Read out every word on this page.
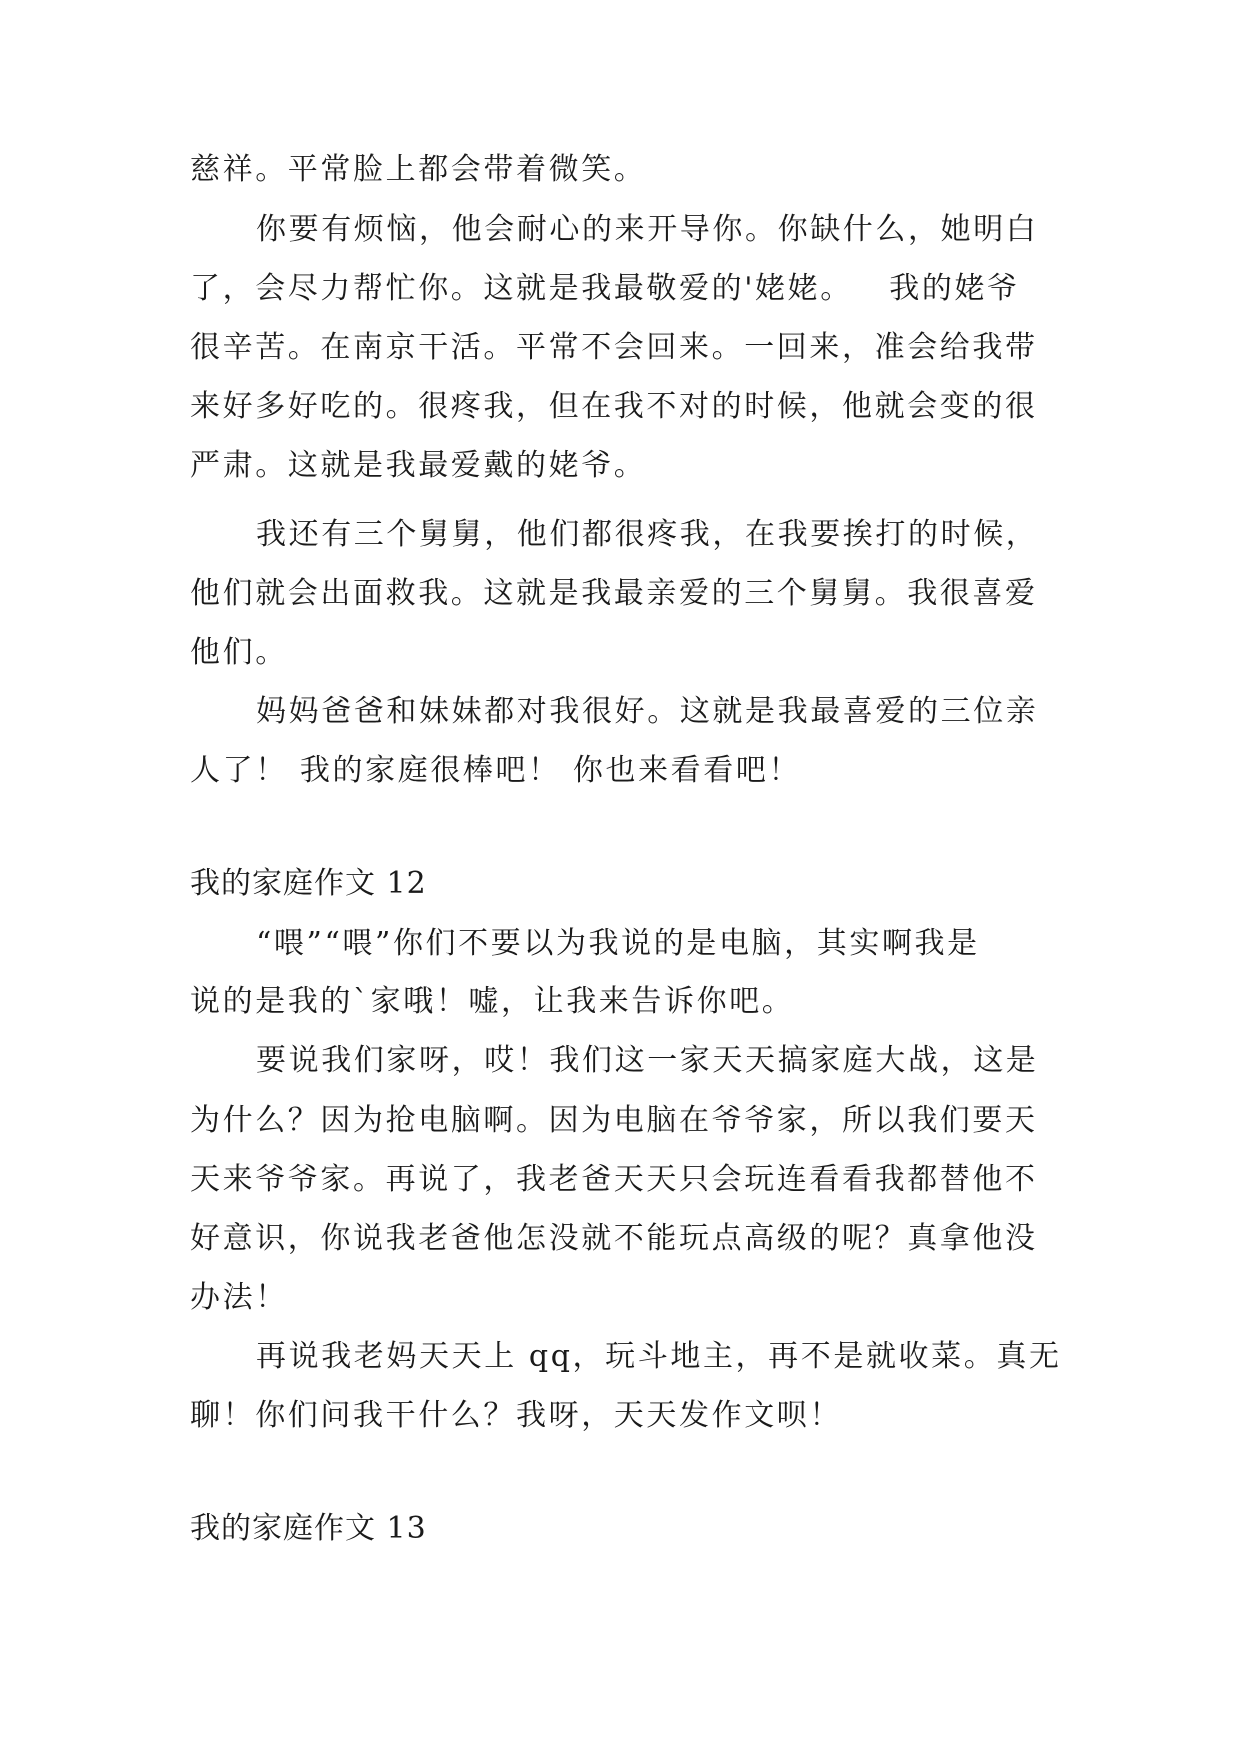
慈祥。平常脸上都会带着微笑。
你要有烦恼，他会耐心的来开导你。你缺什么，她明白
了，会尽力帮忙你。这就是我最敬爱的'姥姥。   我的姥爷
很辛苦。在南京干活。平常不会回来。一回来，准会给我带
来好多好吃的。很疼我，但在我不对的时候，他就会变的很
严肃。这就是我最爱戴的姥爷。
我还有三个舅舅，他们都很疼我，在我要挨打的时候，
他们就会出面救我。这就是我最亲爱的三个舅舅。我很喜爱
他们。
妈妈爸爸和妹妹都对我很好。这就是我最喜爱的三位亲
人了！ 我的家庭很棒吧！ 你也来看看吧！
我的家庭作文 12
“喂”“喂”你们不要以为我说的是电脑，其实啊我是
说的是我的`家哦！嘘，让我来告诉你吧。
要说我们家呀，哎！我们这一家天天搞家庭大战，这是
为什么？因为抢电脑啊。因为电脑在爷爷家，所以我们要天
天来爷爷家。再说了，我老爸天天只会玩连看看我都替他不
好意识，你说我老爸他怎没就不能玩点高级的呢？真拿他没
办法！
再说我老妈天天上 qq，玩斗地主，再不是就收菜。真无
聊！你们问我干什么？我呀，天天发作文呗！
我的家庭作文 13
